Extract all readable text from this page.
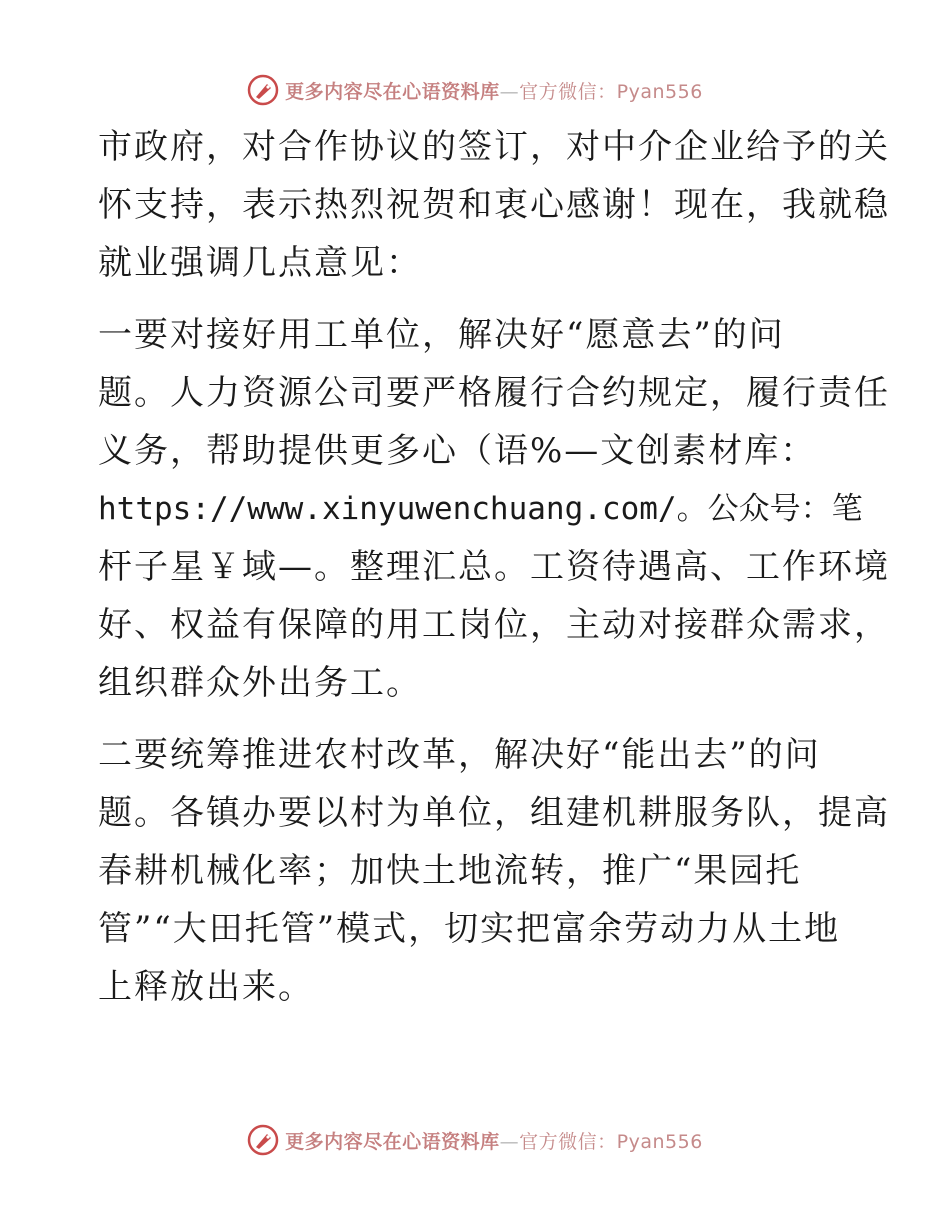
更多内容尽在心语资料库—官方微信：Pyan556
市政府，对合作协议的签订，对中介企业给予的关
怀支持，表示热烈祝贺和衷心感谢！现在，我就稳
就业强调几点意见：
一要对接好用工单位，解决好“愿意去”的问
题。人力资源公司要严格履行合约规定，履行责任
义务，帮助提供更多心（语%—文创素材库：
https://www.xinyuwenchuang.com/。公众号：笔
杆子星￥域—。整理汇总。工资待遇高、工作环境
好、权益有保障的用工岗位，主动对接群众需求，
组织群众外出务工。
二要统筹推进农村改革，解决好“能出去”的问
题。各镇办要以村为单位，组建机耕服务队，提高
春耕机械化率；加快土地流转，推广“果园托
管”“大田托管”模式，切实把富余劳动力从土地
上释放出来。
更多内容尽在心语资料库—官方微信：Pyan556
